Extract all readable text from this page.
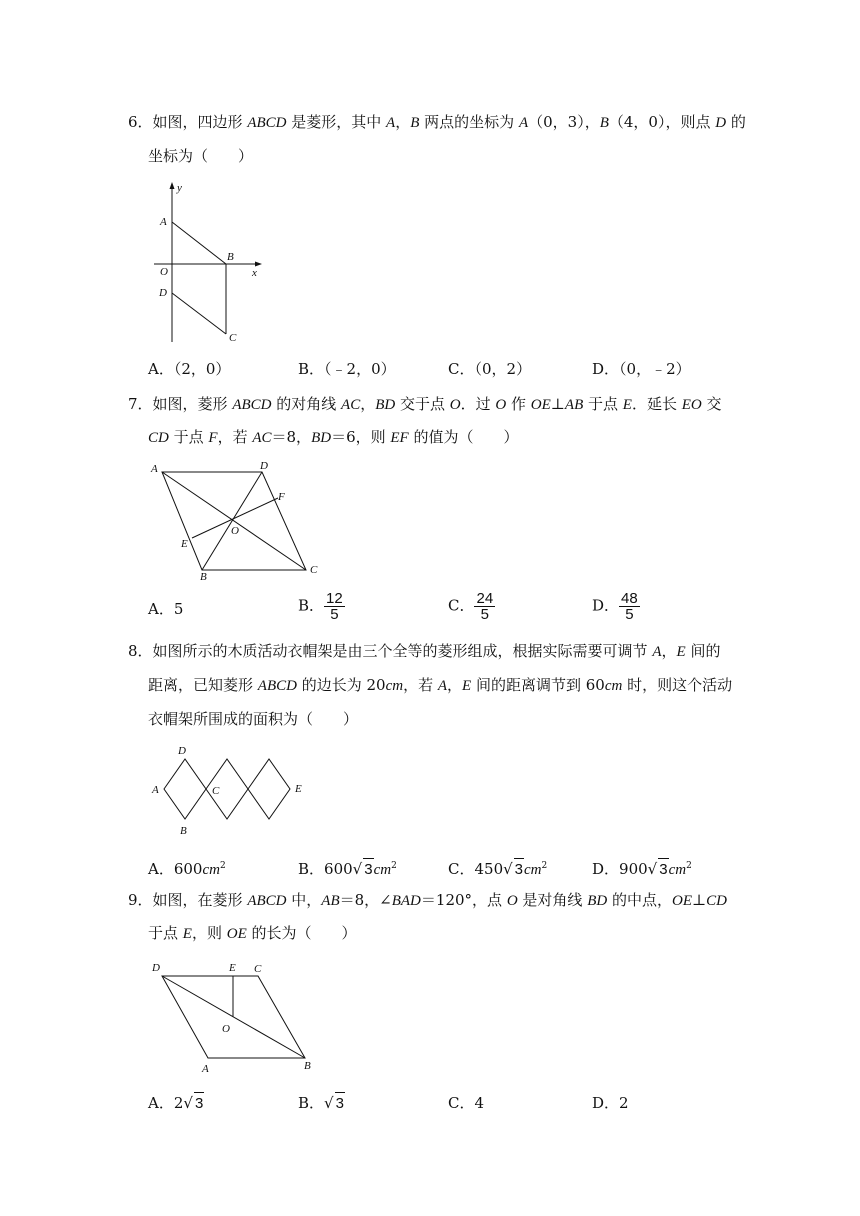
6．如图，四边形 ABCD 是菱形，其中 A，B 两点的坐标为 A（0，3），B（4，0），则点 D 的
坐标为（　　）
y
A
B
O	x
D
C
A．（2，0）	B．（﹣2，0）	C．（0，2）	D．（0，﹣2）
7．如图，菱形 ABCD 的对角线 AC，BD 交于点 O．过 O 作 OE⊥AB 于点 E．延长 EO 交
CD 于点 F，若 AC＝8，BD＝6，则 EF 的值为（　　）
A	D
F
O
E
B
C
A．5	B． $\frac{12}{5}$	C． $\frac{24}{5}$	D． $\frac{48}{5}$
8．如图所示的木质活动衣帽架是由三个全等的菱形组成，根据实际需要可调节 A，E 间的
距离，已知菱形 ABCD 的边长为 20cm，若 A，E 间的距离调节到 60cm 时，则这个活动
衣帽架所围成的面积为（　　）
D
A	C	E
B
A．$600cm^2$	B．600√ $3cm^2$	C．450√ $3cm^2$	D．900√ $3cm^2$
9．如图，在菱形 ABCD 中，AB＝8，∠BAD＝120°，点 O 是对角线 BD 的中点，OE⊥CD
于点 E，则 OE 的长为（　　）
D	E C
O
A	B
A．2√ 3	B．√ 3	C．4	D．2
